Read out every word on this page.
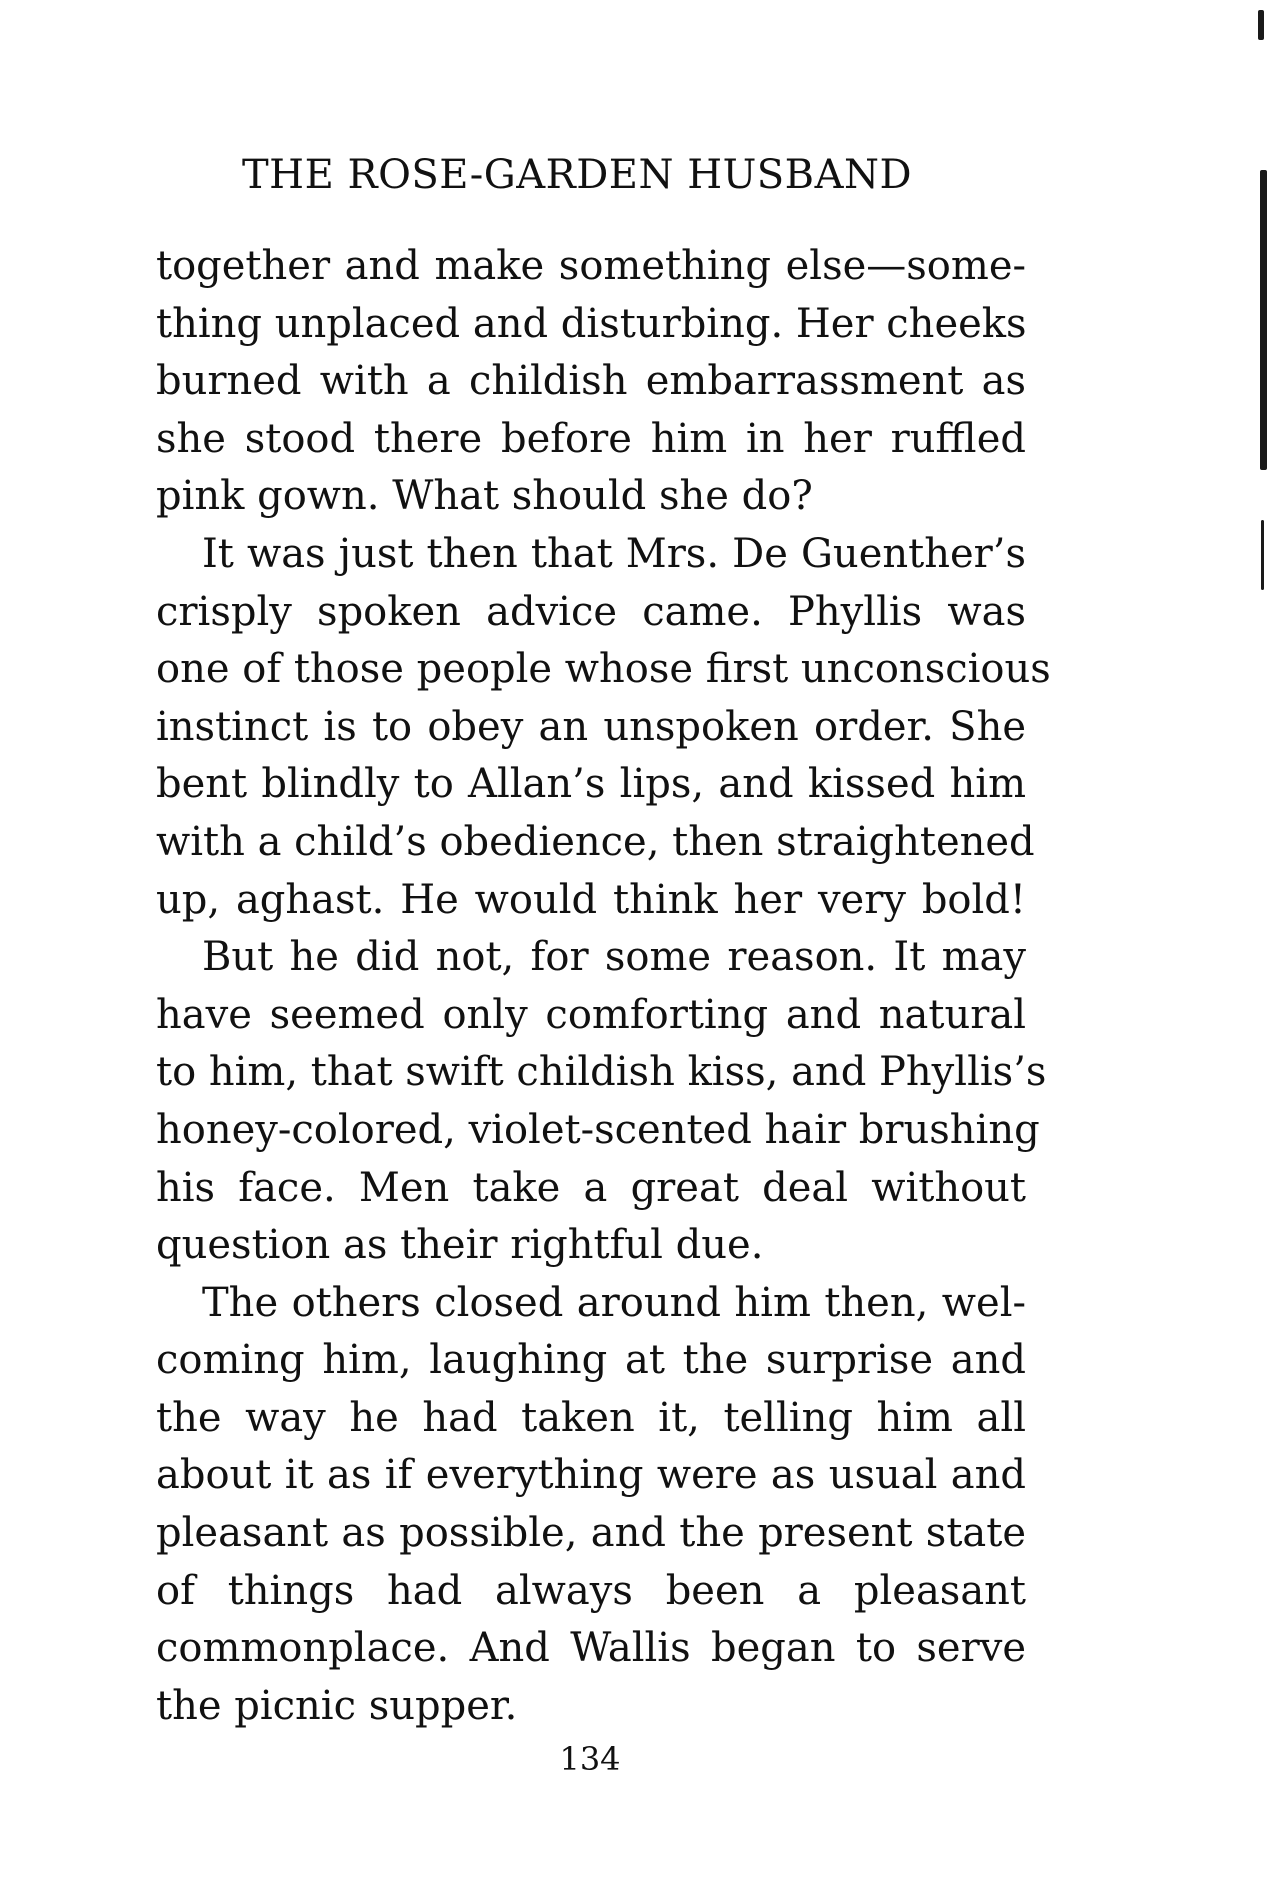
THE ROSE-GARDEN HUSBAND

together and make something else—some‑
thing unplaced and disturbing. Her cheeks
burned with a childish embarrassment as
she stood there before him in her ruffled
pink gown. What should she do?

It was just then that Mrs. De Guenther’s
crisply spoken advice came. Phyllis was
one of those people whose first unconscious
instinct is to obey an unspoken order. She
bent blindly to Allan’s lips, and kissed him
with a child’s obedience, then straightened
up, aghast. He would think her very bold!

But he did not, for some reason. It may
have seemed only comforting and natural
to him, that swift childish kiss, and Phyllis’s
honey-colored, violet-scented hair brushing
his face. Men take a great deal without
question as their rightful due.

The others closed around him then, wel‑
coming him, laughing at the surprise and
the way he had taken it, telling him all
about it as if everything were as usual and
pleasant as possible, and the present state
of things had always been a pleasant
commonplace. And Wallis began to serve
the picnic supper.

134
